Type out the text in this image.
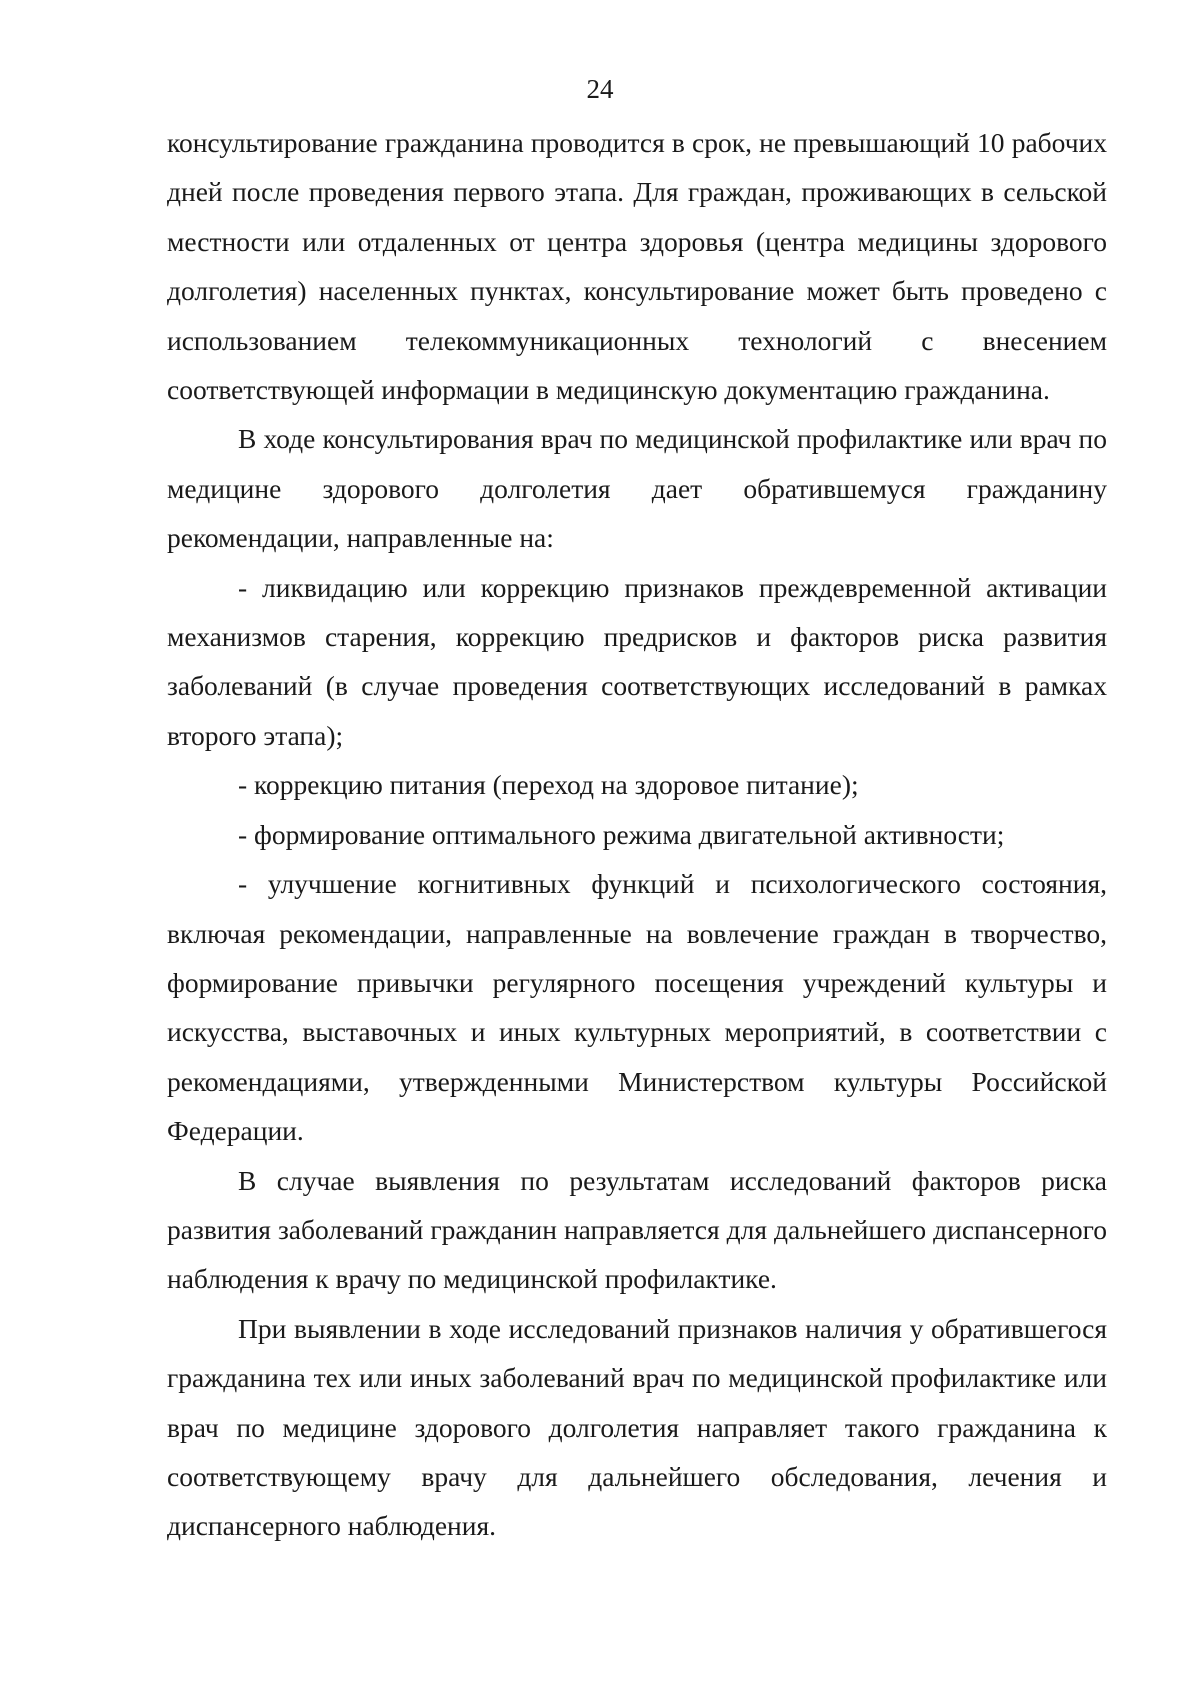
24

консультирование гражданина проводится в срок, не превышающий 10 рабочих дней после проведения первого этапа. Для граждан, проживающих в сельской местности или отдаленных от центра здоровья (центра медицины здорового долголетия) населенных пунктах, консультирование может быть проведено с использованием телекоммуникационных технологий с внесением соответствующей информации в медицинскую документацию гражданина.

В ходе консультирования врач по медицинской профилактике или врач по медицине здорового долголетия дает обратившемуся гражданину рекомендации, направленные на:

- ликвидацию или коррекцию признаков преждевременной активации механизмов старения, коррекцию предрисков и факторов риска развития заболеваний (в случае проведения соответствующих исследований в рамках второго этапа);

- коррекцию питания (переход на здоровое питание);

- формирование оптимального режима двигательной активности;

- улучшение когнитивных функций и психологического состояния, включая рекомендации, направленные на вовлечение граждан в творчество, формирование привычки регулярного посещения учреждений культуры и искусства, выставочных и иных культурных мероприятий, в соответствии с рекомендациями, утвержденными Министерством культуры Российской Федерации.

В случае выявления по результатам исследований факторов риска развития заболеваний гражданин направляется для дальнейшего диспансерного наблюдения к врачу по медицинской профилактике.

При выявлении в ходе исследований признаков наличия у обратившегося гражданина тех или иных заболеваний врач по медицинской профилактике или врач по медицине здорового долголетия направляет такого гражданина к соответствующему врачу для дальнейшего обследования, лечения и диспансерного наблюдения.
